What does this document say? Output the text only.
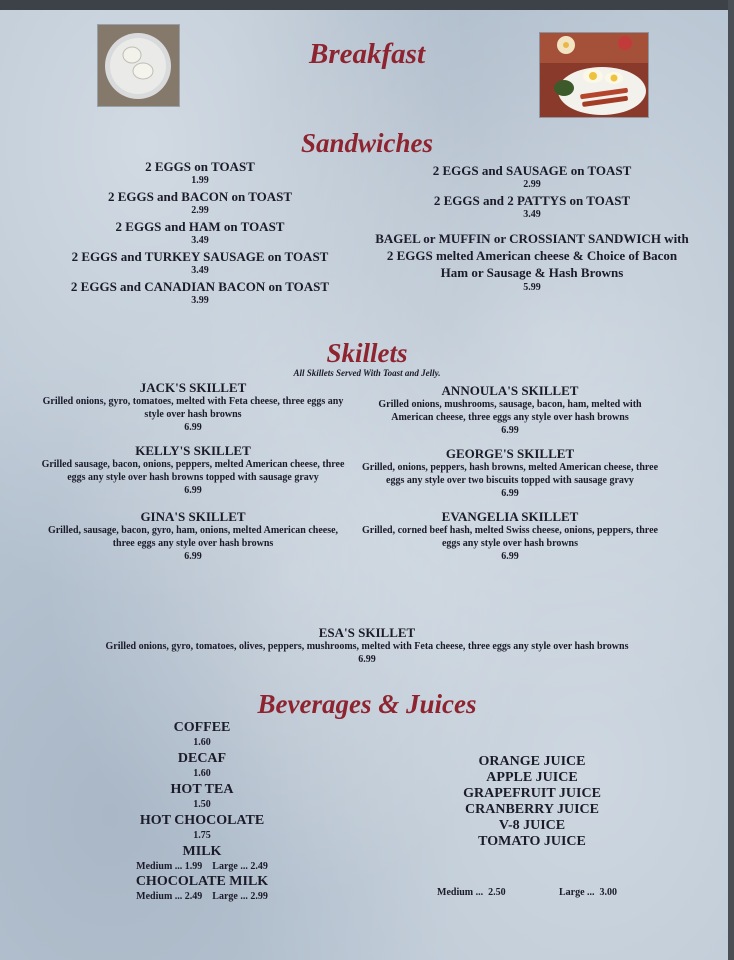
Breakfast
Sandwiches
2 EGGS on TOAST
1.99
2 EGGS and BACON on TOAST
2.99
2 EGGS and HAM on TOAST
3.49
2 EGGS and TURKEY SAUSAGE on TOAST
3.49
2 EGGS and CANADIAN BACON on TOAST
3.99
2 EGGS and SAUSAGE on TOAST
2.99
2 EGGS and 2 PATTYS on TOAST
3.49
BAGEL or MUFFIN or CROSSIANT SANDWICH with 2 EGGS melted American cheese & Choice of Bacon Ham or Sausage & Hash Browns
5.99
Skillets
All Skillets Served With Toast and Jelly.
JACK'S SKILLET
Grilled onions, gyro, tomatoes, melted with Feta cheese, three eggs any style over hash browns
6.99
KELLY'S SKILLET
Grilled sausage, bacon, onions, peppers, melted American cheese, three eggs any style over hash browns topped with sausage gravy
6.99
GINA'S SKILLET
Grilled, sausage, bacon, gyro, ham, onions, melted American cheese, three eggs any style over hash browns
6.99
ANNOULA'S SKILLET
Grilled onions, mushrooms, sausage, bacon, ham, melted with American cheese, three eggs any style over hash browns
6.99
GEORGE'S SKILLET
Grilled, onions, peppers, hash browns, melted American cheese, three eggs any style over two biscuits topped with sausage gravy
6.99
EVANGELIA SKILLET
Grilled, corned beef hash, melted Swiss cheese, onions, peppers, three eggs any style over hash browns
6.99
ESA'S SKILLET
Grilled onions, gyro, tomatoes, olives, peppers, mushrooms, melted with Feta cheese, three eggs any style over hash browns
6.99
Beverages & Juices
COFFEE
1.60
DECAF
1.60
HOT TEA
1.50
HOT CHOCOLATE
1.75
MILK
Medium ... 1.99    Large ... 2.49
CHOCOLATE MILK
Medium ... 2.49    Large ... 2.99
ORANGE JUICE
APPLE JUICE
GRAPEFRUIT JUICE
CRANBERRY JUICE
V-8 JUICE
TOMATO JUICE
Medium ...  2.50	Large ...  3.00
